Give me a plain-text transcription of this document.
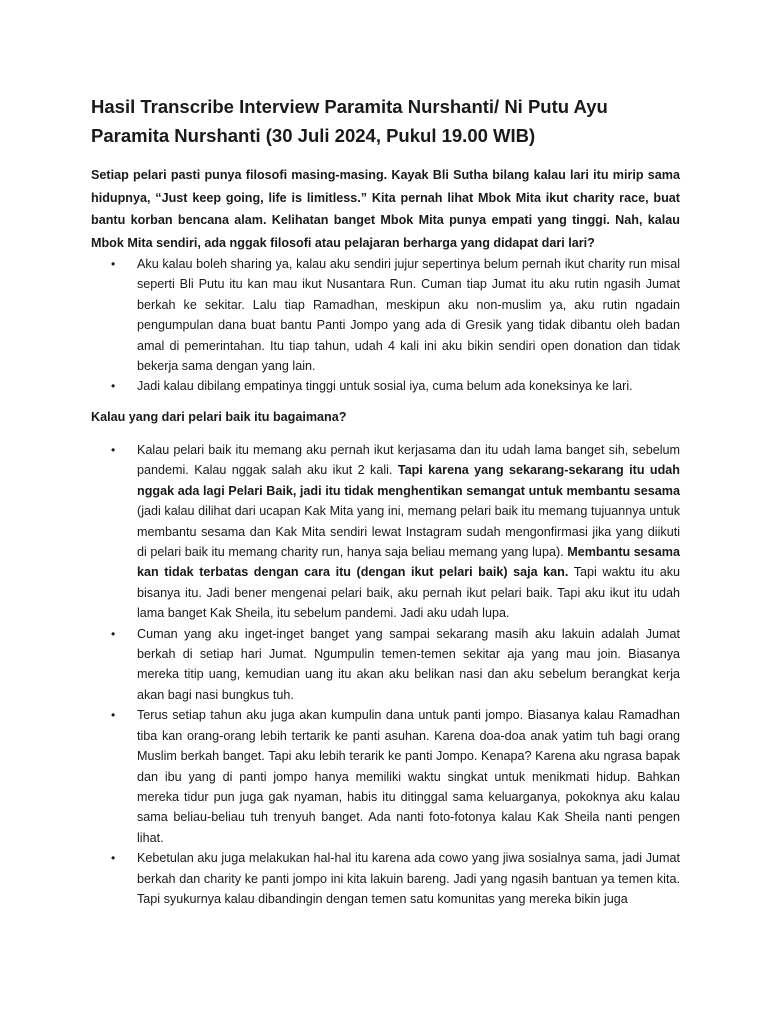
Hasil Transcribe Interview Paramita Nurshanti/ Ni Putu Ayu Paramita Nurshanti (30 Juli 2024, Pukul 19.00 WIB)

Setiap pelari pasti punya filosofi masing-masing. Kayak Bli Sutha bilang kalau lari itu mirip sama hidupnya, “Just keep going, life is limitless.” Kita pernah lihat Mbok Mita ikut charity race, buat bantu korban bencana alam. Kelihatan banget Mbok Mita punya empati yang tinggi. Nah, kalau Mbok Mita sendiri, ada nggak filosofi atau pelajaran berharga yang didapat dari lari?

• Aku kalau boleh sharing ya, kalau aku sendiri jujur sepertinya belum pernah ikut charity run misal seperti Bli Putu itu kan mau ikut Nusantara Run. Cuman tiap Jumat itu aku rutin ngasih Jumat berkah ke sekitar. Lalu tiap Ramadhan, meskipun aku non-muslim ya, aku rutin ngadain pengumpulan dana buat bantu Panti Jompo yang ada di Gresik yang tidak dibantu oleh badan amal di pemerintahan. Itu tiap tahun, udah 4 kali ini aku bikin sendiri open donation dan tidak bekerja sama dengan yang lain.
• Jadi kalau dibilang empatinya tinggi untuk sosial iya, cuma belum ada koneksinya ke lari.

Kalau yang dari pelari baik itu bagaimana?

• Kalau pelari baik itu memang aku pernah ikut kerjasama dan itu udah lama banget sih, sebelum pandemi. Kalau nggak salah aku ikut 2 kali. Tapi karena yang sekarang-sekarang itu udah nggak ada lagi Pelari Baik, jadi itu tidak menghentikan semangat untuk membantu sesama (jadi kalau dilihat dari ucapan Kak Mita yang ini, memang pelari baik itu memang tujuannya untuk membantu sesama dan Kak Mita sendiri lewat Instagram sudah mengonfirmasi jika yang diikuti di pelari baik itu memang charity run, hanya saja beliau memang yang lupa). Membantu sesama kan tidak terbatas dengan cara itu (dengan ikut pelari baik) saja kan. Tapi waktu itu aku bisanya itu. Jadi bener mengenai pelari baik, aku pernah ikut pelari baik. Tapi aku ikut itu udah lama banget Kak Sheila, itu sebelum pandemi. Jadi aku udah lupa.
• Cuman yang aku inget-inget banget yang sampai sekarang masih aku lakuin adalah Jumat berkah di setiap hari Jumat. Ngumpulin temen-temen sekitar aja yang mau join. Biasanya mereka titip uang, kemudian uang itu akan aku belikan nasi dan aku sebelum berangkat kerja akan bagi nasi bungkus tuh.
• Terus setiap tahun aku juga akan kumpulin dana untuk panti jompo. Biasanya kalau Ramadhan tiba kan orang-orang lebih tertarik ke panti asuhan. Karena doa-doa anak yatim tuh bagi orang Muslim berkah banget. Tapi aku lebih terarik ke panti Jompo. Kenapa? Karena aku ngrasa bapak dan ibu yang di panti jompo hanya memiliki waktu singkat untuk menikmati hidup. Bahkan mereka tidur pun juga gak nyaman, habis itu ditinggal sama keluarganya, pokoknya aku kalau sama beliau-beliau tuh trenyuh banget. Ada nanti foto-fotonya kalau Kak Sheila nanti pengen lihat.
• Kebetulan aku juga melakukan hal-hal itu karena ada cowo yang jiwa sosialnya sama, jadi Jumat berkah dan charity ke panti jompo ini kita lakuin bareng. Jadi yang ngasih bantuan ya temen kita. Tapi syukurnya kalau dibandingin dengan temen satu komunitas yang mereka bikin juga
